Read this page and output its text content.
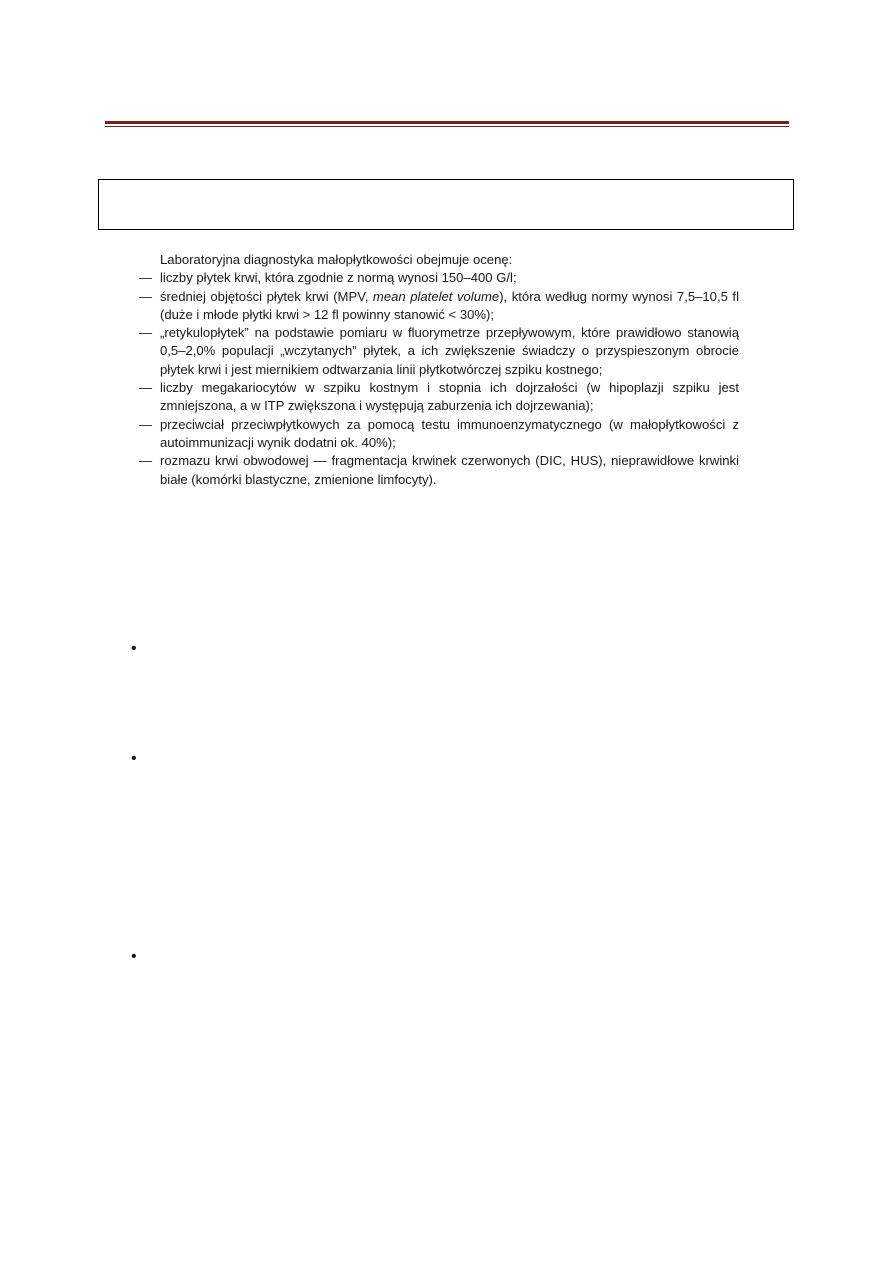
Laboratoryjna diagnostyka małopłytkowości obejmuje ocenę:

— liczby płytek krwi, która zgodnie z normą wynosi 150–400 G/l;
— średniej objętości płytek krwi (MPV, mean platelet volume), która według normy wynosi 7,5–10,5 fl (duże i młode płytki krwi > 12 fl powinny stanowić < 30%);
— „retykulopłytek” na podstawie pomiaru w fluorymetrze przepływowym, które prawidłowo stanowią 0,5–2,0% populacji „wczytanych” płytek, a ich zwiększenie świadczy o przyspieszonym obrocie płytek krwi i jest miernikiem odtwarzania linii płytkotwórczej szpiku kostnego;
— liczby megakariocytów w szpiku kostnym i stopnia ich dojrzałości (w hipoplazji szpiku jest zmniejszona, a w ITP zwiększona i występują zaburzenia ich dojrzewania);
— przeciwciał przeciwpłytkowych za pomocą testu immunoenzymatycznego (w małopłytkowości z autoimmunizacji wynik dodatni ok. 40%);
— rozmazu krwi obwodowej — fragmentacja krwinek czerwonych (DIC, HUS), nieprawidłowe krwinki białe (komórki blastyczne, zmienione limfocyty).
•
•
•
